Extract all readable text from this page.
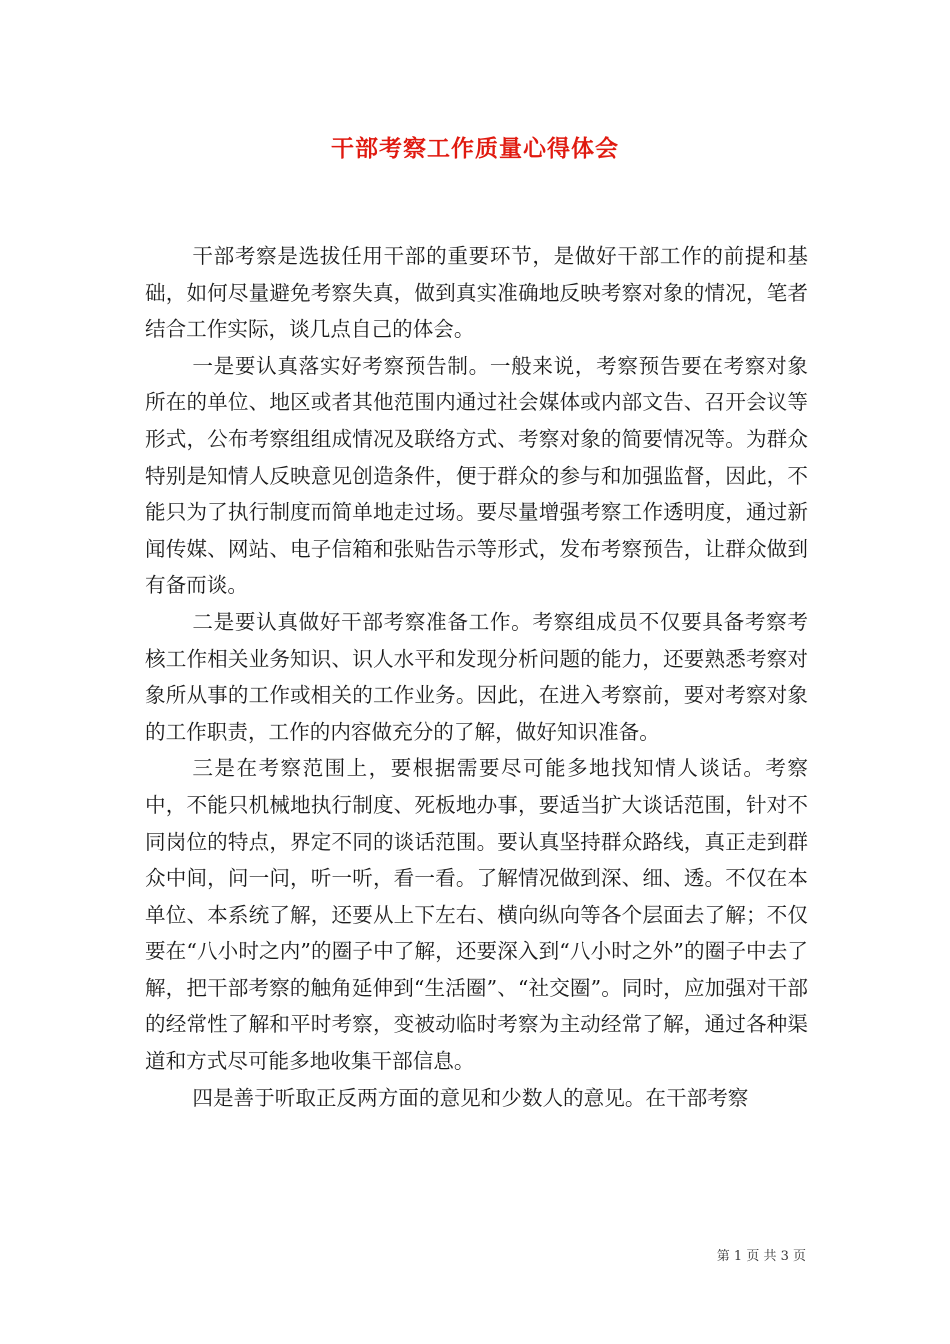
干部考察工作质量心得体会

干部考察是选拔任用干部的重要环节，是做好干部工作的前提和基础，如何尽量避免考察失真，做到真实准确地反映考察对象的情况，笔者结合工作实际，谈几点自己的体会。

一是要认真落实好考察预告制。一般来说，考察预告要在考察对象所在的单位、地区或者其他范围内通过社会媒体或内部文告、召开会议等形式，公布考察组组成情况及联络方式、考察对象的简要情况等。为群众特别是知情人反映意见创造条件，便于群众的参与和加强监督，因此，不能只为了执行制度而简单地走过场。要尽量增强考察工作透明度，通过新闻传媒、网站、电子信箱和张贴告示等形式，发布考察预告，让群众做到有备而谈。

二是要认真做好干部考察准备工作。考察组成员不仅要具备考察考核工作相关业务知识、识人水平和发现分析问题的能力，还要熟悉考察对象所从事的工作或相关的工作业务。因此，在进入考察前，要对考察对象的工作职责，工作的内容做充分的了解，做好知识准备。

三是在考察范围上，要根据需要尽可能多地找知情人谈话。考察中，不能只机械地执行制度、死板地办事，要适当扩大谈话范围，针对不同岗位的特点，界定不同的谈话范围。要认真坚持群众路线，真正走到群众中间，问一问，听一听，看一看。了解情况做到深、细、透。不仅在本单位、本系统了解，还要从上下左右、横向纵向等各个层面去了解；不仅要在“八小时之内”的圈子中了解，还要深入到“八小时之外”的圈子中去了解，把干部考察的触角延伸到“生活圈”、“社交圈”。同时，应加强对干部的经常性了解和平时考察，变被动临时考察为主动经常了解，通过各种渠道和方式尽可能多地收集干部信息。

四是善于听取正反两方面的意见和少数人的意见。在干部考察

第 1 页 共 3 页
